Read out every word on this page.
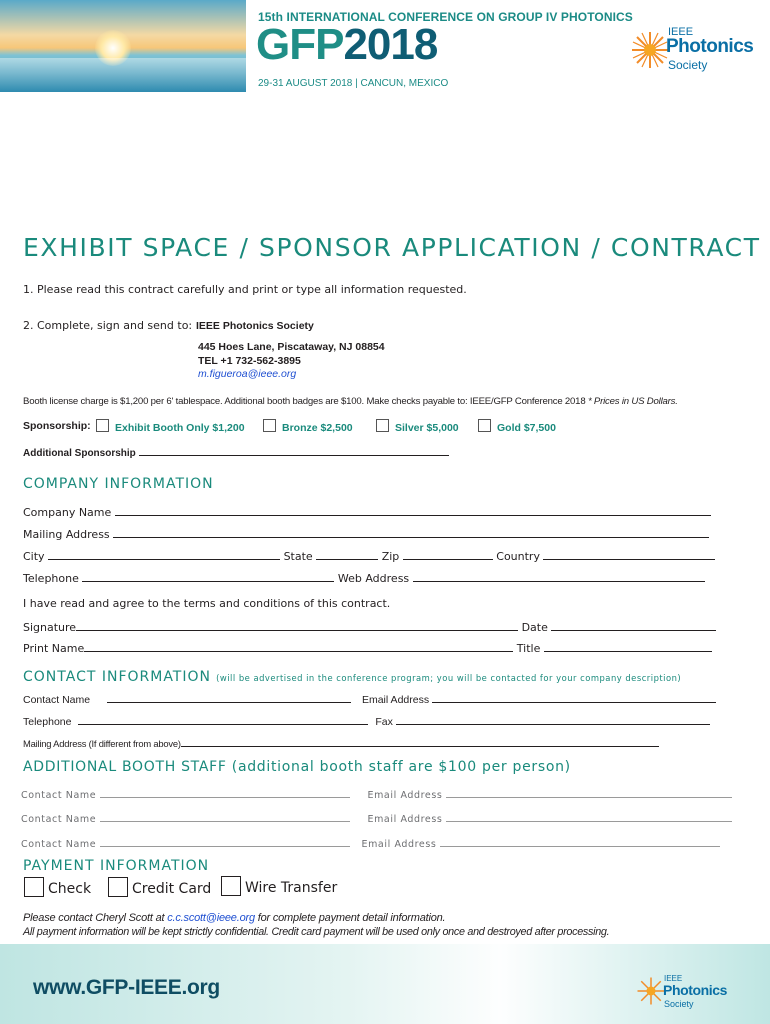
15th INTERNATIONAL CONFERENCE ON GROUP IV PHOTONICS
GFP2018
29-31 AUGUST 2018 | CANCUN, MEXICO
IEEE
Photonics
Society
EXHIBIT SPACE / SPONSOR APPLICATION / CONTRACT
1. Please read this contract carefully and print or type all information requested.
2. Complete, sign and send to: IEEE Photonics Society
445 Hoes Lane, Piscataway, NJ 08854
TEL +1 732-562-3895
m.figueroa@ieee.org
Booth license charge is $1,200 per 6' tablespace. Additional booth badges are $100. Make checks payable to: IEEE/GFP Conference 2018 * Prices in US Dollars.
Sponsorship:	Exhibit Booth Only $1,200	Bronze $2,500	Silver $5,000	Gold $7,500
Additional Sponsorship
COMPANY INFORMATION
Company Name
Mailing Address
City	State	Zip	Country
Telephone	Web Address
I have read and agree to the terms and conditions of this contract.
Signature	Date
Print Name	Title
CONTACT INFORMATION (will be advertised in the conference program; you will be contacted for your company description)
Contact Name	Email Address
Telephone	Fax
Mailing Address (If different from above)
ADDITIONAL BOOTH STAFF (additional booth staff are $100 per person)
Contact Name	Email Address
Contact Name	Email Address
Contact Name	Email Address
PAYMENT INFORMATION
Check	Credit Card	Wire Transfer
Please contact Cheryl Scott at c.c.scott@ieee.org for complete payment detail information.
All payment information will be kept strictly confidential. Credit card payment will be used only once and destroyed after processing.
www.GFP-IEEE.org	IEEE
Photonics
Society
